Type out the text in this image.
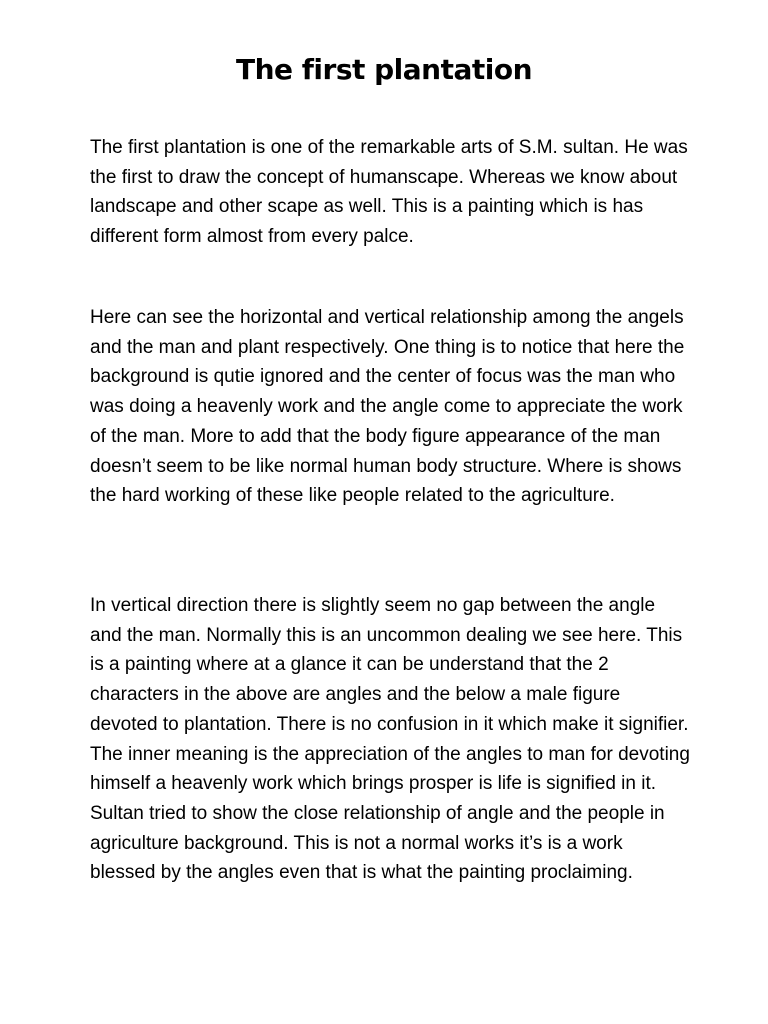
The first plantation

The first plantation is one of the remarkable arts of S.M. sultan. He was the first to draw the concept of humanscape. Whereas we know about landscape and other scape as well. This is a painting which is has different form almost from every palce.

Here can see the horizontal and vertical relationship among the angels and the man and plant respectively. One thing is to notice that here the background is qutie ignored and the center of focus was the man who was doing a heavenly work and the angle come to appreciate the work of the man. More to add that the body figure appearance of the man doesn’t seem to be like normal human body structure. Where is shows the hard working of these like people related to the agriculture.

In vertical direction there is slightly seem no gap between the angle and the man. Normally this is an uncommon dealing we see here. This is a painting where at a glance it can be understand that the 2 characters in the above are angles and the below a male figure devoted to plantation. There is no confusion in it which make it signifier. The inner meaning is the appreciation of the angles to man for devoting himself a heavenly work which brings prosper is life is signified in it. Sultan tried to show the close relationship of angle and the people in agriculture background. This is not a normal works it’s is a work blessed by the angles even that is what the painting proclaiming.
